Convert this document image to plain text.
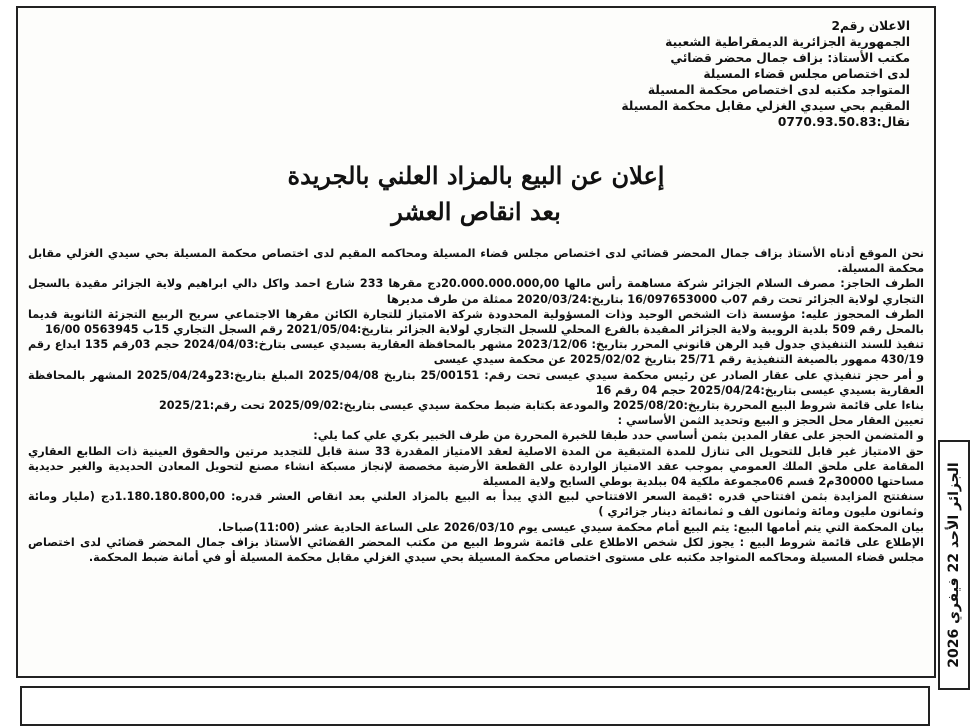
الاعلان رقم2
الجمهورية الجزائرية الديمقراطية الشعبية
مكتب الأستاذ: بزاف جمال محضر قضائي
لدى اختصاص مجلس قضاء المسيلة
المتواجد مكتبه لدى اختصاص محكمة المسيلة
المقيم بحي سيدي الغزلي مقابل محكمة المسيلة
نقال:0770.93.50.83
إعلان عن البيع بالمزاد العلني بالجريدة
بعد انقاص العشر

نحن الموقع أدناه الأستاذ بزاف جمال المحضر قضائي لدى اختصاص مجلس قضاء المسيلة ومحاكمه المقيم لدى اختصاص محكمة المسيلة بحي سيدي الغزلي مقابل محكمة المسيلة.

الطرف الحاجز: مصرف السلام الجزائر شركة مساهمة رأس مالها 20.000.000.000,00دج مقرها 233 شارع احمد واكل دالي ابراهيم ولاية الجزائر مقيدة بالسجل التجاري لولاية الجزائر تحت رقم 07ب 16/097653000 بتاريخ:2020/03/24 ممثلة من طرف مديرها

الطرف المحجوز عليه: مؤسسة ذات الشخص الوحيد وذات المسؤولية المحدودة شركة الامتياز للتجارة الكائن مقرها الاجتماعي سريح الربيع التجزئة الثانوية قديما بالمحل رقم 509 بلدية الرويبة ولاية الجزائر المقيدة بالفرع المحلي للسجل التجاري لولاية الجزائر بتاريخ:2021/05/04 رقم السجل التجاري 15ب 0563945 16/00

تنفيذ للسند التنفيذي جدول قيد الرهن قانوني المحرر بتاريخ: 2023/12/06 مشهر بالمحافظة العقارية بسيدي عيسى بتارخ:2024/04/03 حجم 03رقم 135 ايداع رقم 430/19 ممهور بالصيغة التنفيذية رقم 25/71 بتاريخ 2025/02/02 عن محكمة سيدي عيسى

و أمر حجز تنفيذي على عقار الصادر عن رئيس محكمة سيدي عيسى تحت رقم: 25/00151 بتاريخ 2025/04/08 المبلغ بتاريخ:23و2025/04/24 المشهر بالمحافظة العقارية بسيدي عيسى بتاريخ:2025/04/24 حجم 04 رقم 16

بناءا على قائمة شروط البيع المحررة بتاريخ:2025/08/20 والمودعة بكتابة ضبط محكمة سيدي عيسى بتاريخ:2025/09/02 تحت رقم:2025/21

تعيين العقار محل الحجز و البيع وتحديد الثمن الأساسي :

و المتضمن الحجز على عقار المدين بثمن أساسي حدد طبقا للخبرة المحررة من طرف الخبير بكري علي كما يلي:

حق الامتياز غير قابل للتحويل الى تنازل للمدة المتبقية من المدة الاصلية لعقد الامتياز المقدرة 33 سنة قابل للتجديد مرتين والحقوق العينية ذات الطابع العقاري المقامة على ملحق الملك العمومي بموجب عقد الامتياز الواردة على القطعة الأرضية مخصصة لإنجاز مسبكة انشاء مصنع لتحويل المعادن الحديدية والغير حديدية مساحتها 30000م2 قسم 06مجموعة ملكية 04 ببلدية بوطي السايح ولاية المسيلة

سنفتتح المزايدة بثمن افتتاحي قدره :قيمة السعر الافتتاحي لبيع الذي يبدأ به البيع بالمزاد العلني بعد انقاص العشر قدره: 1.180.180.800,00دج (مليار ومائة وثمانون مليون ومائة وثمانون الف و ثمانمائة دينار جزائري )

بيان المحكمة التي يتم أمامها البيع: يتم البيع أمام محكمة سيدي عيسى يوم 2026/03/10 على الساعة الحادية عشر (11:00)صباحا.

الإطلاع على قائمة شروط البيع : يجوز لكل شخص الاطلاع على قائمة شروط البيع من مكتب المحضر القضائي الأستاذ بزاف جمال المحضر قضائي لدى اختصاص مجلس قضاء المسيلة ومحاكمه المتواجد مكتبه على مستوى اختصاص محكمة المسيلة بحي سيدي الغزلي مقابل محكمة المسيلة أو في أمانة ضبط المحكمة.

الجزائر الأحد 22 فيفري 2026
